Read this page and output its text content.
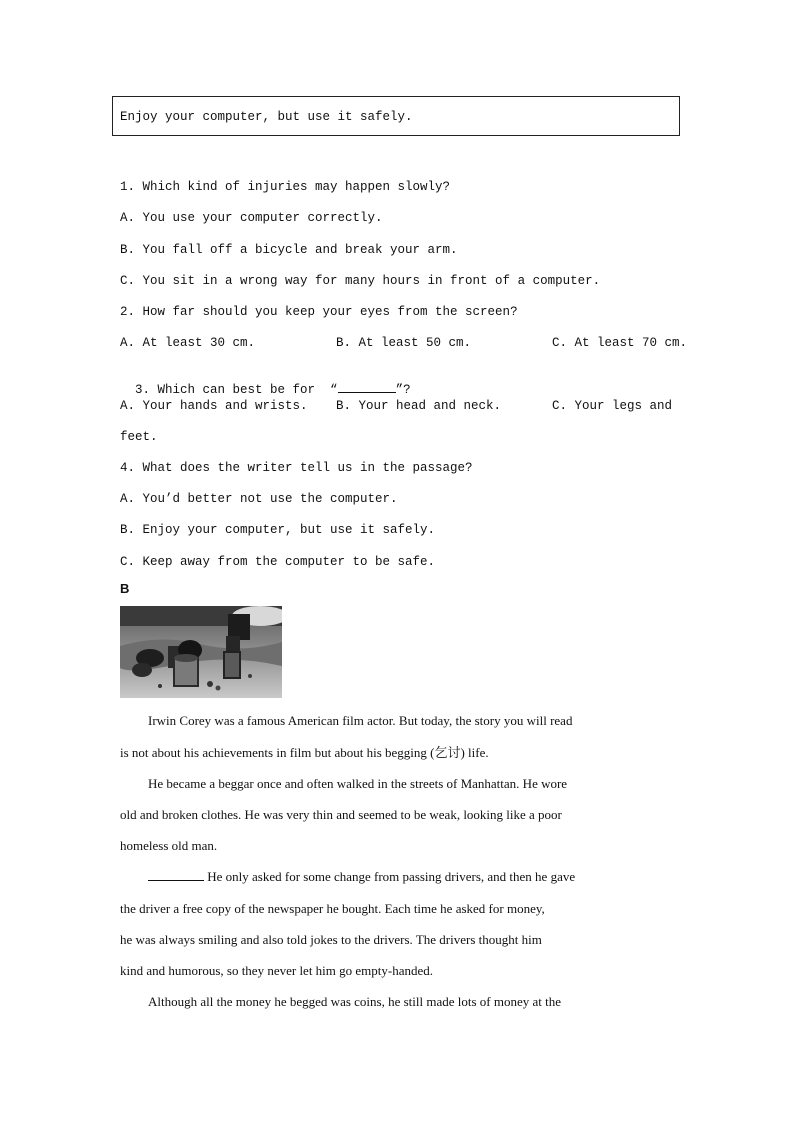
Enjoy your computer, but use it safely.
1. Which kind of injuries may happen slowly?
A. You use your computer correctly.
B. You fall off a bicycle and break your arm.
C. You sit in a wrong way for many hours in front of a computer.
2. How far should you keep your eyes from the screen?
A. At least 30 cm.	B. At least 50 cm.	C. At least 70 cm.

3. Which can best be for  “	”?

A. Your hands and wrists. B. Your head and neck.	C. Your legs and
feet.
4. What does the writer tell us in the passage?
A. You’d better not use the computer.
B. Enjoy your computer, but use it safely.
C. Keep away from the computer to be safe.
B
Irwin Corey was a famous American film actor. But today, the story you will read
is not about his achievements in film but about his begging (乞讨) life.
He became a beggar once and often walked in the streets of Manhattan. He wore
old and broken clothes. He was very thin and seemed to be weak, looking like a poor
homeless old man.
He only asked for some change from passing drivers, and then he gave
the driver a free copy of the newspaper he bought. Each time he asked for money,
he was always smiling and also told jokes to the drivers. The drivers thought him
kind and humorous, so they never let him go empty-handed.
Although all the money he begged was coins, he still made lots of money at the
